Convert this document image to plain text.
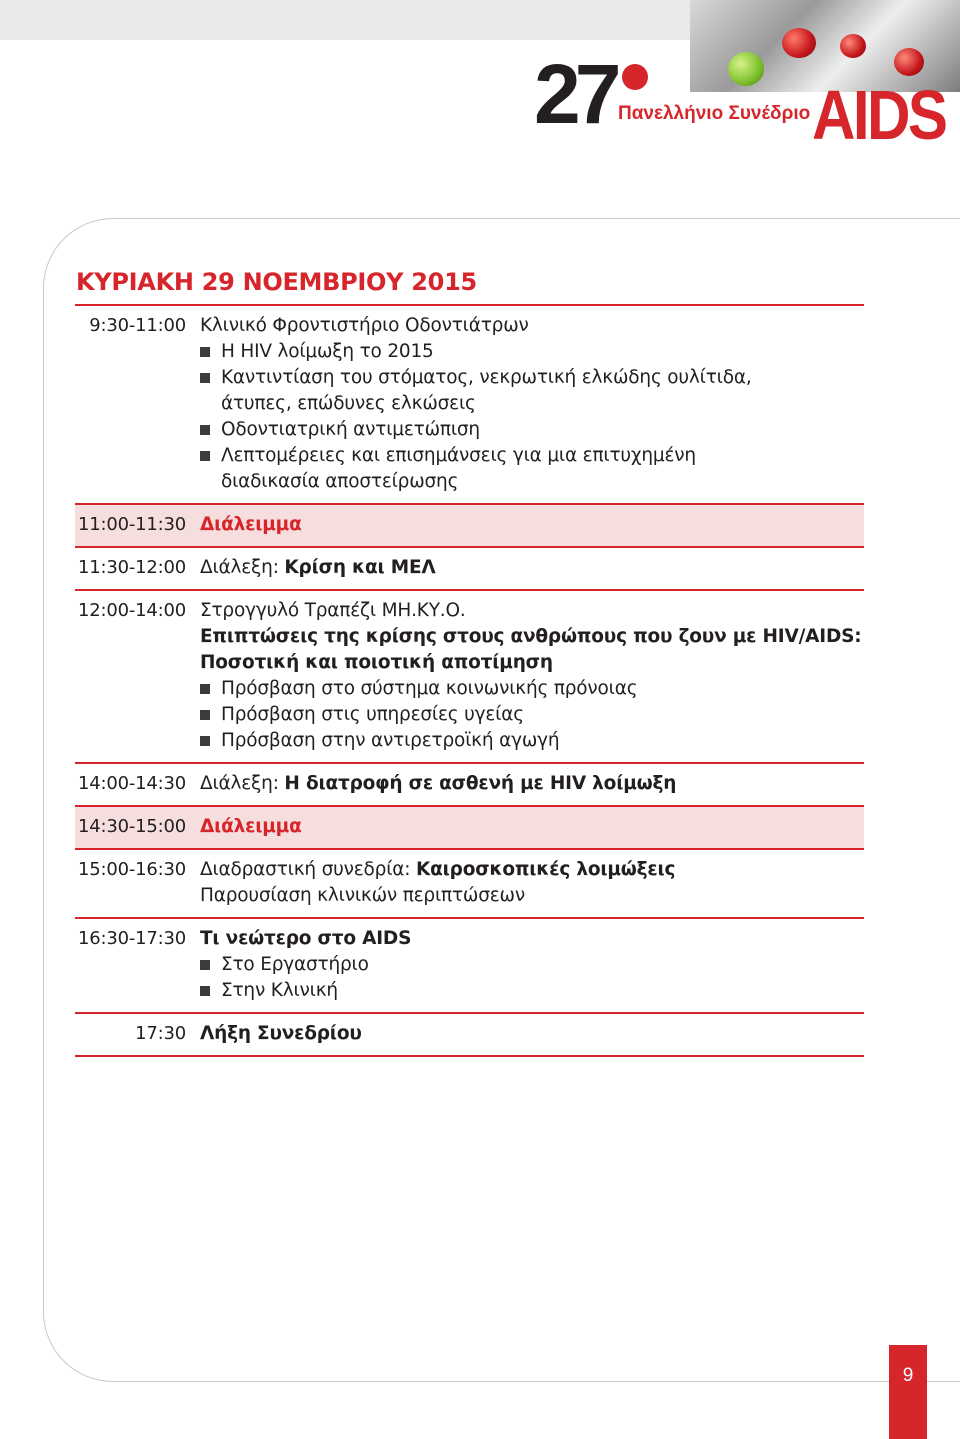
27 Πανελλήνιο Συνέδριο AIDS
ΚΥΡΙΑΚΗ 29 ΝΟΕΜΒΡΙΟΥ 2015
9:30-11:00 Κλινικό Φροντιστήριο Οδοντιάτρων
Η HIV λοίμωξη το 2015
Καντιντίαση του στόματος, νεκρωτική ελκώδης ουλίτιδα,
άτυπες, επώδυνες ελκώσεις
Οδοντιατρική αντιμετώπιση
Λεπτομέρειες και επισημάνσεις για μια επιτυχημένη
διαδικασία αποστείρωσης
11:00-11:30 Διάλειμμα
11:30-12:00 Διάλεξη: Κρίση και ΜΕΛ
12:00-14:00 Στρογγυλό Τραπέζι ΜΗ.ΚΥ.Ο.
Επιπτώσεις της κρίσης στους ανθρώπους που ζουν με HIV/AIDS:
Ποσοτική και ποιοτική αποτίμηση
Πρόσβαση στο σύστημα κοινωνικής πρόνοιας
Πρόσβαση στις υπηρεσίες υγείας
Πρόσβαση στην αντιρετροϊκή αγωγή
14:00-14:30 Διάλεξη: Η διατροφή σε ασθενή με HIV λοίμωξη
14:30-15:00 Διάλειμμα
15:00-16:30 Διαδραστική συνεδρία: Καιροσκοπικές λοιμώξεις
Παρουσίαση κλινικών περιπτώσεων
16:30-17:30 Τι νεώτερο στο AIDS
Στο Εργαστήριο
Στην Κλινική
17:30 Λήξη Συνεδρίου
9
